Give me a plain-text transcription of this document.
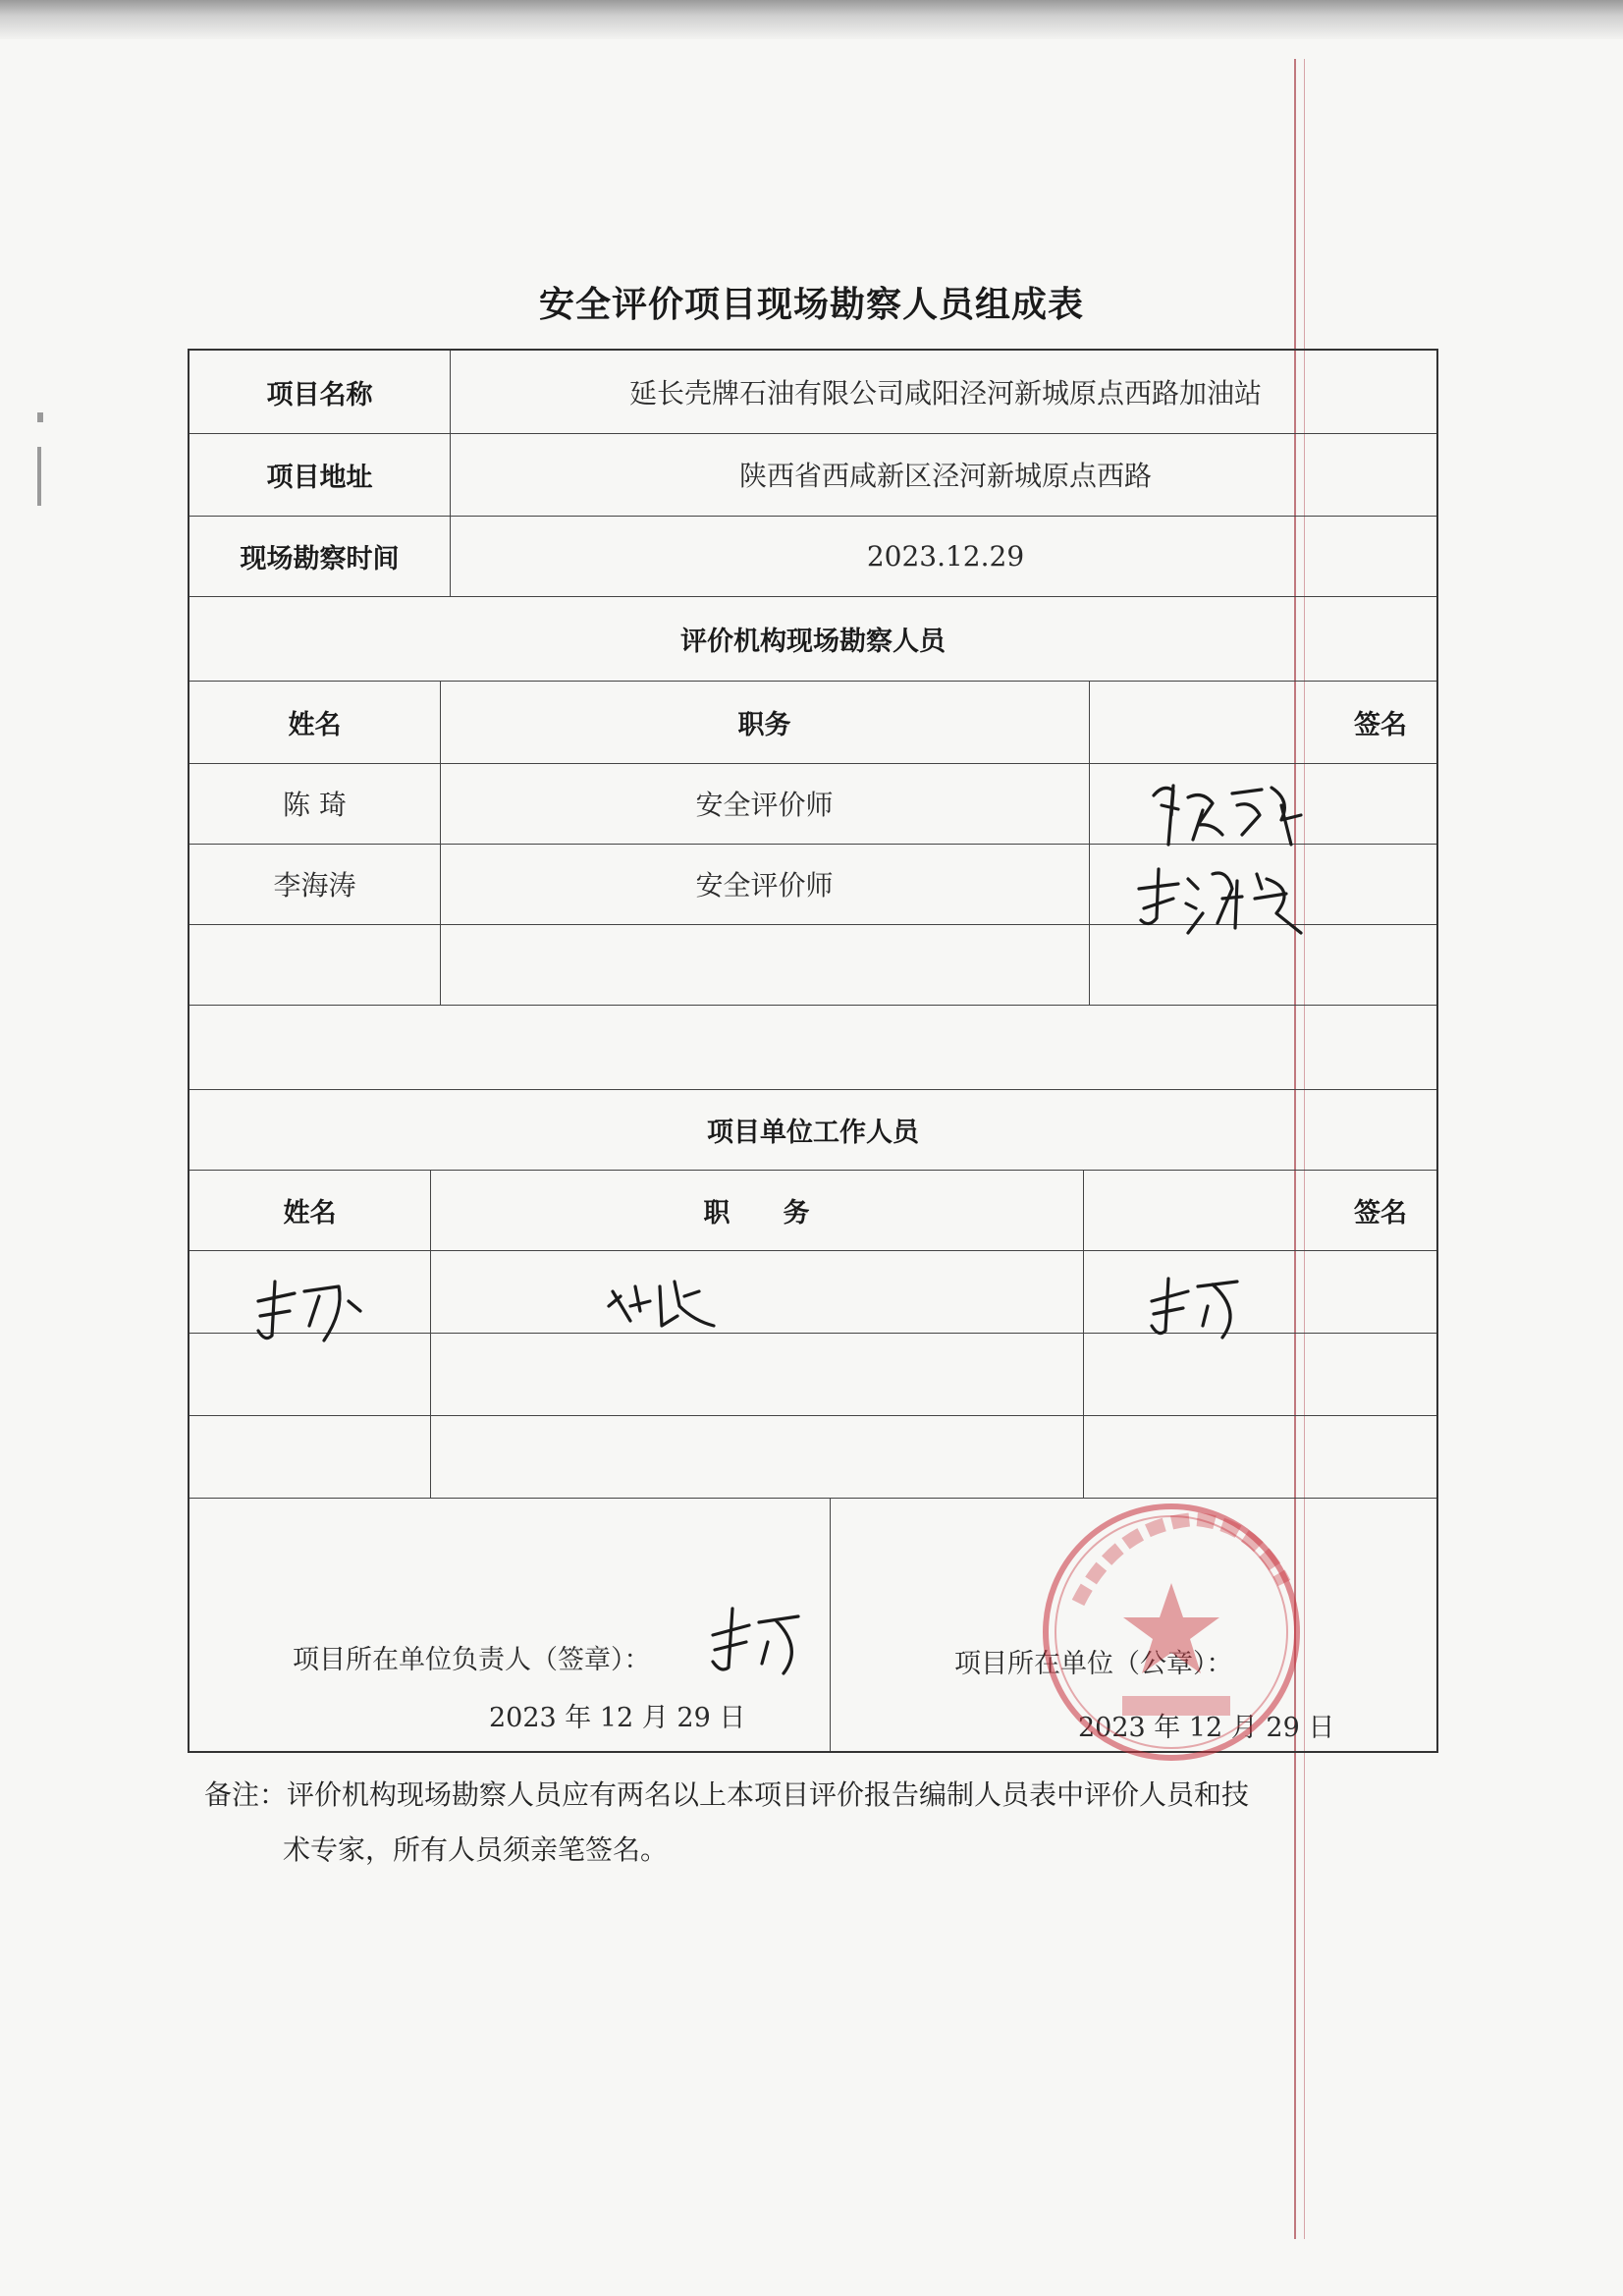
安全评价项目现场勘察人员组成表
项目名称	延长壳牌石油有限公司咸阳泾河新城原点西路加油站
项目地址	陕西省西咸新区泾河新城原点西路
现场勘察时间	2023.12.29
评价机构现场勘察人员
姓名	职务	签名
陈 琦	安全评价师
李海涛	安全评价师
项目单位工作人员
姓名	职　　务	签名
项目所在单位负责人（签章）：
2023 年 12 月 29 日
项目所在单位（公章）：
2023 年 12 月 29 日
备注：评价机构现场勘察人员应有两名以上本项目评价报告编制人员表中评价人员和技
术专家，所有人员须亲笔签名。
